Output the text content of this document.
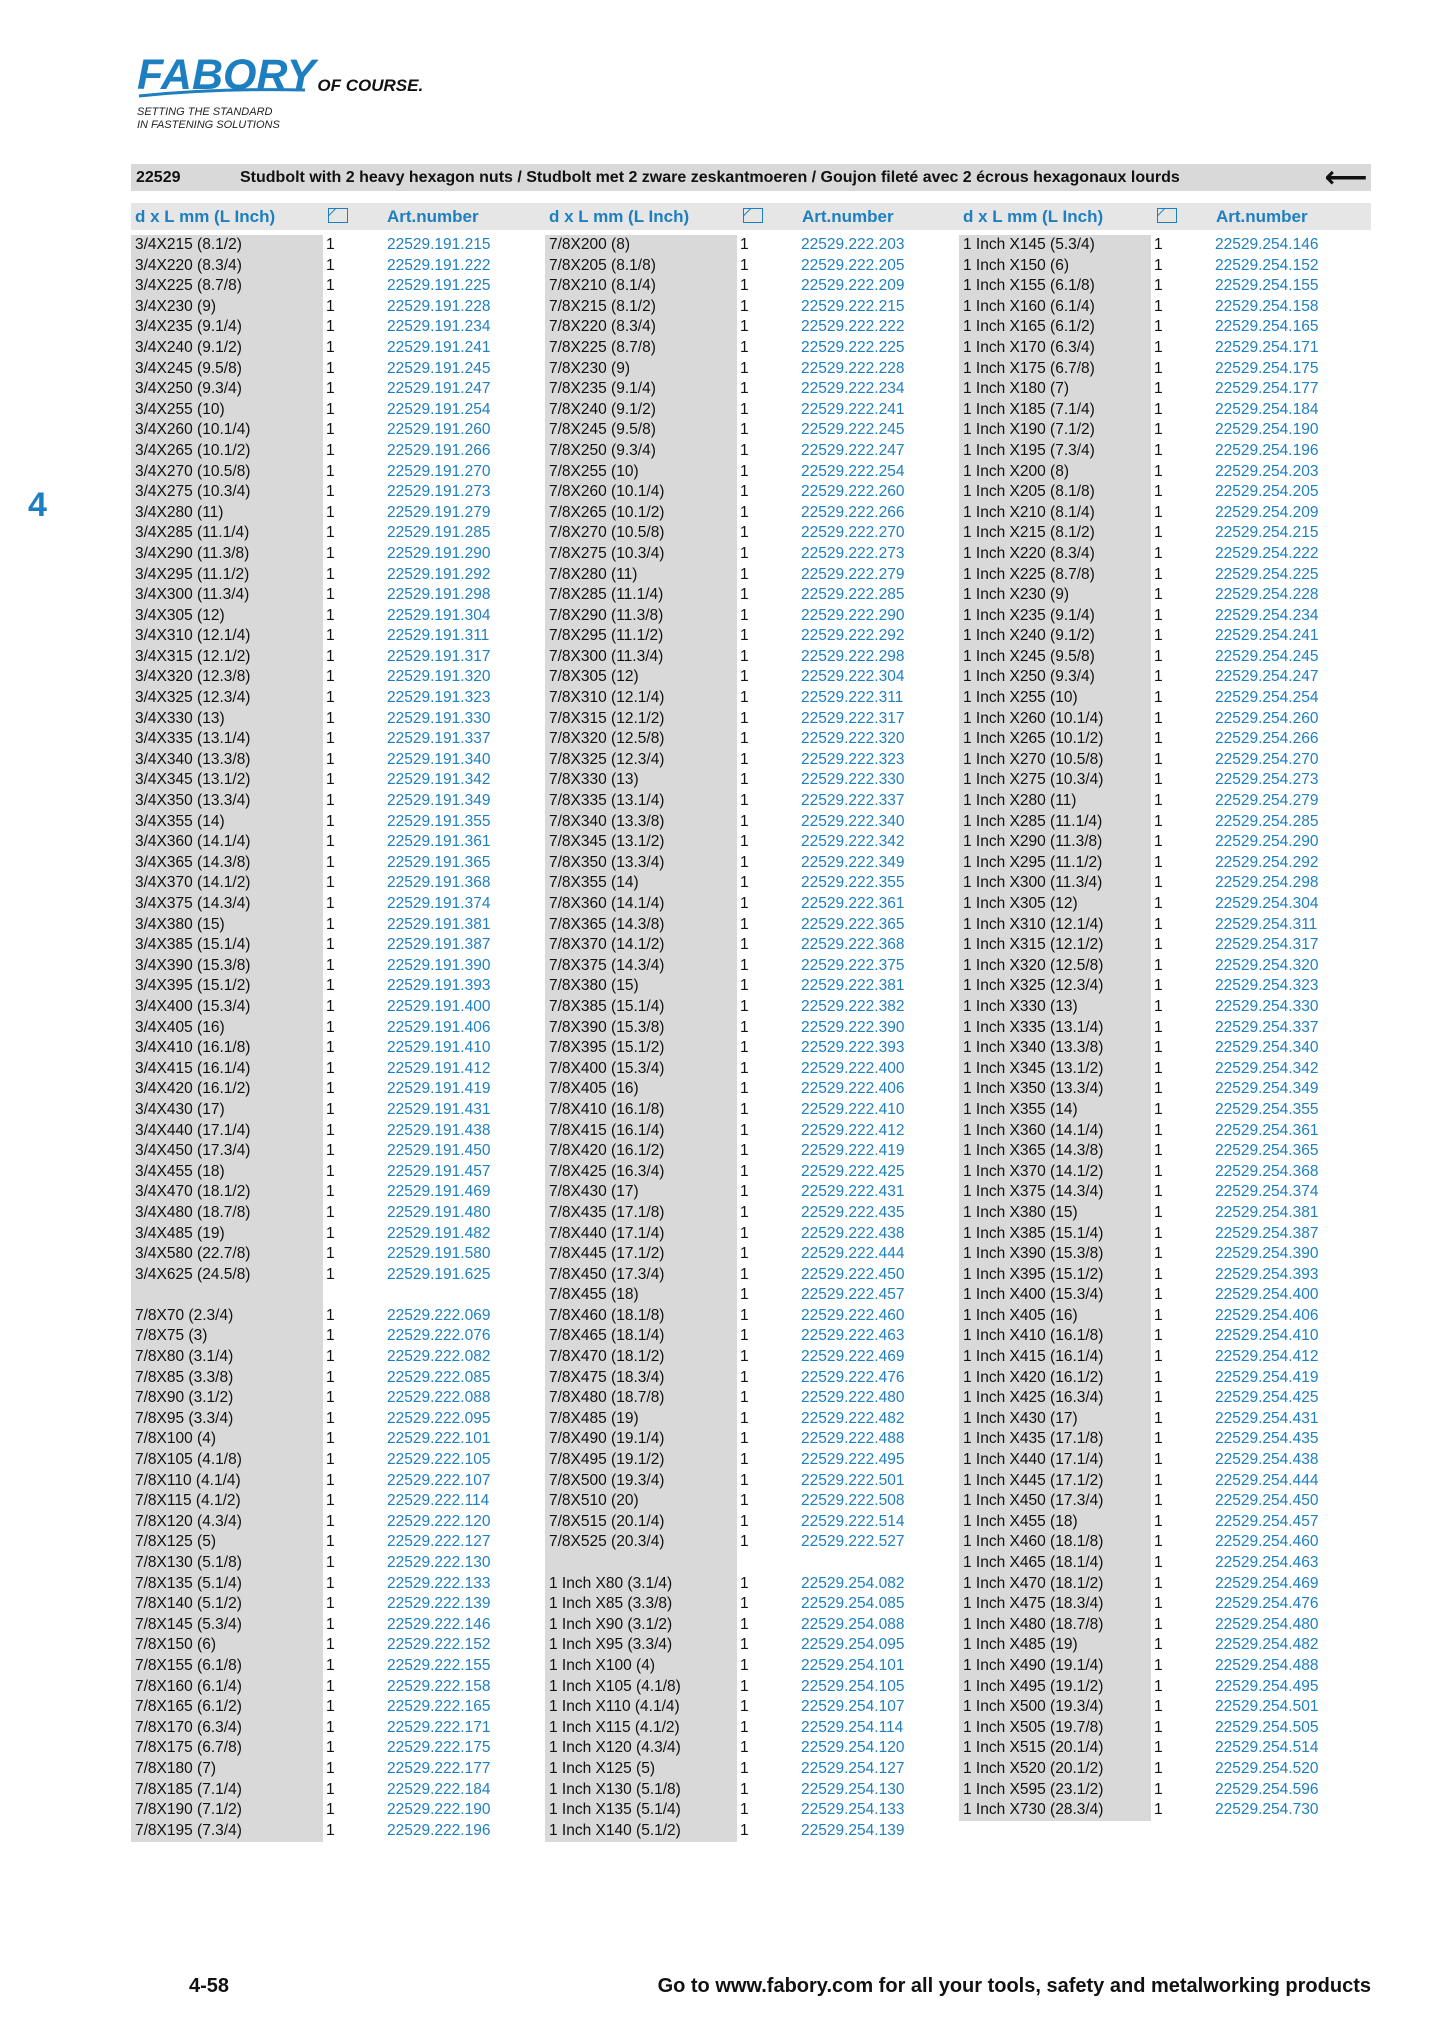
FABORY OF COURSE.
SETTING THE STANDARD
IN FASTENING SOLUTIONS
4
22529	Studbolt with 2 heavy hexagon nuts / Studbolt met 2 zware zeskantmoeren / Goujon fileté avec 2 écrous hexagonaux lourds	⟵
d x L mm (L Inch)	Art.number	d x L mm (L Inch)	Art.number	d x L mm (L Inch)	Art.number
3/4X215 (8.1/2)	1	22529.191.215
3/4X220 (8.3/4)	1	22529.191.222
3/4X225 (8.7/8)	1	22529.191.225
3/4X230 (9)	1	22529.191.228
3/4X235 (9.1/4)	1	22529.191.234
3/4X240 (9.1/2)	1	22529.191.241
3/4X245 (9.5/8)	1	22529.191.245
3/4X250 (9.3/4)	1	22529.191.247
3/4X255 (10)	1	22529.191.254
3/4X260 (10.1/4)	1	22529.191.260
3/4X265 (10.1/2)	1	22529.191.266
3/4X270 (10.5/8)	1	22529.191.270
3/4X275 (10.3/4)	1	22529.191.273
3/4X280 (11)	1	22529.191.279
3/4X285 (11.1/4)	1	22529.191.285
3/4X290 (11.3/8)	1	22529.191.290
3/4X295 (11.1/2)	1	22529.191.292
3/4X300 (11.3/4)	1	22529.191.298
3/4X305 (12)	1	22529.191.304
3/4X310 (12.1/4)	1	22529.191.311
3/4X315 (12.1/2)	1	22529.191.317
3/4X320 (12.3/8)	1	22529.191.320
3/4X325 (12.3/4)	1	22529.191.323
3/4X330 (13)	1	22529.191.330
3/4X335 (13.1/4)	1	22529.191.337
3/4X340 (13.3/8)	1	22529.191.340
3/4X345 (13.1/2)	1	22529.191.342
3/4X350 (13.3/4)	1	22529.191.349
3/4X355 (14)	1	22529.191.355
3/4X360 (14.1/4)	1	22529.191.361
3/4X365 (14.3/8)	1	22529.191.365
3/4X370 (14.1/2)	1	22529.191.368
3/4X375 (14.3/4)	1	22529.191.374
3/4X380 (15)	1	22529.191.381
3/4X385 (15.1/4)	1	22529.191.387
3/4X390 (15.3/8)	1	22529.191.390
3/4X395 (15.1/2)	1	22529.191.393
3/4X400 (15.3/4)	1	22529.191.400
3/4X405 (16)	1	22529.191.406
3/4X410 (16.1/8)	1	22529.191.410
3/4X415 (16.1/4)	1	22529.191.412
3/4X420 (16.1/2)	1	22529.191.419
3/4X430 (17)	1	22529.191.431
3/4X440 (17.1/4)	1	22529.191.438
3/4X450 (17.3/4)	1	22529.191.450
3/4X455 (18)	1	22529.191.457
3/4X470 (18.1/2)	1	22529.191.469
3/4X480 (18.7/8)	1	22529.191.480
3/4X485 (19)	1	22529.191.482
3/4X580 (22.7/8)	1	22529.191.580
3/4X625 (24.5/8)	1	22529.191.625
7/8X70 (2.3/4)	1	22529.222.069
7/8X75 (3)	1	22529.222.076
7/8X80 (3.1/4)	1	22529.222.082
7/8X85 (3.3/8)	1	22529.222.085
7/8X90 (3.1/2)	1	22529.222.088
7/8X95 (3.3/4)	1	22529.222.095
7/8X100 (4)	1	22529.222.101
7/8X105 (4.1/8)	1	22529.222.105
7/8X110 (4.1/4)	1	22529.222.107
7/8X115 (4.1/2)	1	22529.222.114
7/8X120 (4.3/4)	1	22529.222.120
7/8X125 (5)	1	22529.222.127
7/8X130 (5.1/8)	1	22529.222.130
7/8X135 (5.1/4)	1	22529.222.133
7/8X140 (5.1/2)	1	22529.222.139
7/8X145 (5.3/4)	1	22529.222.146
7/8X150 (6)	1	22529.222.152
7/8X155 (6.1/8)	1	22529.222.155
7/8X160 (6.1/4)	1	22529.222.158
7/8X165 (6.1/2)	1	22529.222.165
7/8X170 (6.3/4)	1	22529.222.171
7/8X175 (6.7/8)	1	22529.222.175
7/8X180 (7)	1	22529.222.177
7/8X185 (7.1/4)	1	22529.222.184
7/8X190 (7.1/2)	1	22529.222.190
7/8X195 (7.3/4)	1	22529.222.196
7/8X200 (8)	1	22529.222.203
7/8X205 (8.1/8)	1	22529.222.205
7/8X210 (8.1/4)	1	22529.222.209
7/8X215 (8.1/2)	1	22529.222.215
7/8X220 (8.3/4)	1	22529.222.222
7/8X225 (8.7/8)	1	22529.222.225
7/8X230 (9)	1	22529.222.228
7/8X235 (9.1/4)	1	22529.222.234
7/8X240 (9.1/2)	1	22529.222.241
7/8X245 (9.5/8)	1	22529.222.245
7/8X250 (9.3/4)	1	22529.222.247
7/8X255 (10)	1	22529.222.254
7/8X260 (10.1/4)	1	22529.222.260
7/8X265 (10.1/2)	1	22529.222.266
7/8X270 (10.5/8)	1	22529.222.270
7/8X275 (10.3/4)	1	22529.222.273
7/8X280 (11)	1	22529.222.279
7/8X285 (11.1/4)	1	22529.222.285
7/8X290 (11.3/8)	1	22529.222.290
7/8X295 (11.1/2)	1	22529.222.292
7/8X300 (11.3/4)	1	22529.222.298
7/8X305 (12)	1	22529.222.304
7/8X310 (12.1/4)	1	22529.222.311
7/8X315 (12.1/2)	1	22529.222.317
7/8X320 (12.5/8)	1	22529.222.320
7/8X325 (12.3/4)	1	22529.222.323
7/8X330 (13)	1	22529.222.330
7/8X335 (13.1/4)	1	22529.222.337
7/8X340 (13.3/8)	1	22529.222.340
7/8X345 (13.1/2)	1	22529.222.342
7/8X350 (13.3/4)	1	22529.222.349
7/8X355 (14)	1	22529.222.355
7/8X360 (14.1/4)	1	22529.222.361
7/8X365 (14.3/8)	1	22529.222.365
7/8X370 (14.1/2)	1	22529.222.368
7/8X375 (14.3/4)	1	22529.222.375
7/8X380 (15)	1	22529.222.381
7/8X385 (15.1/4)	1	22529.222.382
7/8X390 (15.3/8)	1	22529.222.390
7/8X395 (15.1/2)	1	22529.222.393
7/8X400 (15.3/4)	1	22529.222.400
7/8X405 (16)	1	22529.222.406
7/8X410 (16.1/8)	1	22529.222.410
7/8X415 (16.1/4)	1	22529.222.412
7/8X420 (16.1/2)	1	22529.222.419
7/8X425 (16.3/4)	1	22529.222.425
7/8X430 (17)	1	22529.222.431
7/8X435 (17.1/8)	1	22529.222.435
7/8X440 (17.1/4)	1	22529.222.438
7/8X445 (17.1/2)	1	22529.222.444
7/8X450 (17.3/4)	1	22529.222.450
7/8X455 (18)	1	22529.222.457
7/8X460 (18.1/8)	1	22529.222.460
7/8X465 (18.1/4)	1	22529.222.463
7/8X470 (18.1/2)	1	22529.222.469
7/8X475 (18.3/4)	1	22529.222.476
7/8X480 (18.7/8)	1	22529.222.480
7/8X485 (19)	1	22529.222.482
7/8X490 (19.1/4)	1	22529.222.488
7/8X495 (19.1/2)	1	22529.222.495
7/8X500 (19.3/4)	1	22529.222.501
7/8X510 (20)	1	22529.222.508
7/8X515 (20.1/4)	1	22529.222.514
7/8X525 (20.3/4)	1	22529.222.527
1 Inch X80 (3.1/4)	1	22529.254.082
1 Inch X85 (3.3/8)	1	22529.254.085
1 Inch X90 (3.1/2)	1	22529.254.088
1 Inch X95 (3.3/4)	1	22529.254.095
1 Inch X100 (4)	1	22529.254.101
1 Inch X105 (4.1/8)	1	22529.254.105
1 Inch X110 (4.1/4)	1	22529.254.107
1 Inch X115 (4.1/2)	1	22529.254.114
1 Inch X120 (4.3/4)	1	22529.254.120
1 Inch X125 (5)	1	22529.254.127
1 Inch X130 (5.1/8)	1	22529.254.130
1 Inch X135 (5.1/4)	1	22529.254.133
1 Inch X140 (5.1/2)	1	22529.254.139
1 Inch X145 (5.3/4)	1	22529.254.146
1 Inch X150 (6)	1	22529.254.152
1 Inch X155 (6.1/8)	1	22529.254.155
1 Inch X160 (6.1/4)	1	22529.254.158
1 Inch X165 (6.1/2)	1	22529.254.165
1 Inch X170 (6.3/4)	1	22529.254.171
1 Inch X175 (6.7/8)	1	22529.254.175
1 Inch X180 (7)	1	22529.254.177
1 Inch X185 (7.1/4)	1	22529.254.184
1 Inch X190 (7.1/2)	1	22529.254.190
1 Inch X195 (7.3/4)	1	22529.254.196
1 Inch X200 (8)	1	22529.254.203
1 Inch X205 (8.1/8)	1	22529.254.205
1 Inch X210 (8.1/4)	1	22529.254.209
1 Inch X215 (8.1/2)	1	22529.254.215
1 Inch X220 (8.3/4)	1	22529.254.222
1 Inch X225 (8.7/8)	1	22529.254.225
1 Inch X230 (9)	1	22529.254.228
1 Inch X235 (9.1/4)	1	22529.254.234
1 Inch X240 (9.1/2)	1	22529.254.241
1 Inch X245 (9.5/8)	1	22529.254.245
1 Inch X250 (9.3/4)	1	22529.254.247
1 Inch X255 (10)	1	22529.254.254
1 Inch X260 (10.1/4)	1	22529.254.260
1 Inch X265 (10.1/2)	1	22529.254.266
1 Inch X270 (10.5/8)	1	22529.254.270
1 Inch X275 (10.3/4)	1	22529.254.273
1 Inch X280 (11)	1	22529.254.279
1 Inch X285 (11.1/4)	1	22529.254.285
1 Inch X290 (11.3/8)	1	22529.254.290
1 Inch X295 (11.1/2)	1	22529.254.292
1 Inch X300 (11.3/4)	1	22529.254.298
1 Inch X305 (12)	1	22529.254.304
1 Inch X310 (12.1/4)	1	22529.254.311
1 Inch X315 (12.1/2)	1	22529.254.317
1 Inch X320 (12.5/8)	1	22529.254.320
1 Inch X325 (12.3/4)	1	22529.254.323
1 Inch X330 (13)	1	22529.254.330
1 Inch X335 (13.1/4)	1	22529.254.337
1 Inch X340 (13.3/8)	1	22529.254.340
1 Inch X345 (13.1/2)	1	22529.254.342
1 Inch X350 (13.3/4)	1	22529.254.349
1 Inch X355 (14)	1	22529.254.355
1 Inch X360 (14.1/4)	1	22529.254.361
1 Inch X365 (14.3/8)	1	22529.254.365
1 Inch X370 (14.1/2)	1	22529.254.368
1 Inch X375 (14.3/4)	1	22529.254.374
1 Inch X380 (15)	1	22529.254.381
1 Inch X385 (15.1/4)	1	22529.254.387
1 Inch X390 (15.3/8)	1	22529.254.390
1 Inch X395 (15.1/2)	1	22529.254.393
1 Inch X400 (15.3/4)	1	22529.254.400
1 Inch X405 (16)	1	22529.254.406
1 Inch X410 (16.1/8)	1	22529.254.410
1 Inch X415 (16.1/4)	1	22529.254.412
1 Inch X420 (16.1/2)	1	22529.254.419
1 Inch X425 (16.3/4)	1	22529.254.425
1 Inch X430 (17)	1	22529.254.431
1 Inch X435 (17.1/8)	1	22529.254.435
1 Inch X440 (17.1/4)	1	22529.254.438
1 Inch X445 (17.1/2)	1	22529.254.444
1 Inch X450 (17.3/4)	1	22529.254.450
1 Inch X455 (18)	1	22529.254.457
1 Inch X460 (18.1/8)	1	22529.254.460
1 Inch X465 (18.1/4)	1	22529.254.463
1 Inch X470 (18.1/2)	1	22529.254.469
1 Inch X475 (18.3/4)	1	22529.254.476
1 Inch X480 (18.7/8)	1	22529.254.480
1 Inch X485 (19)	1	22529.254.482
1 Inch X490 (19.1/4)	1	22529.254.488
1 Inch X495 (19.1/2)	1	22529.254.495
1 Inch X500 (19.3/4)	1	22529.254.501
1 Inch X505 (19.7/8)	1	22529.254.505
1 Inch X515 (20.1/4)	1	22529.254.514
1 Inch X520 (20.1/2)	1	22529.254.520
1 Inch X595 (23.1/2)	1	22529.254.596
1 Inch X730 (28.3/4)	1	22529.254.730
4-58	Go to www.fabory.com for all your tools, safety and metalworking products
